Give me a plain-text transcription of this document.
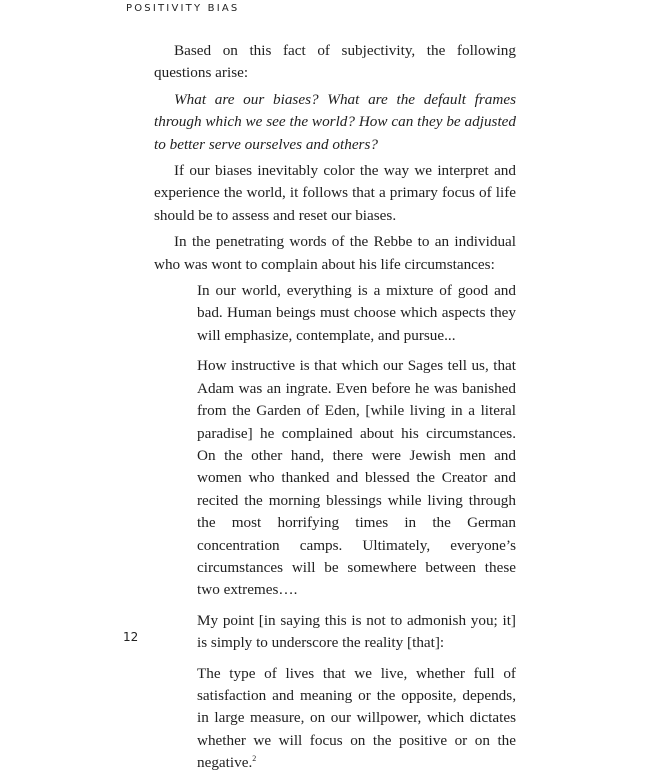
POSITIVITY BIAS

Based on this fact of subjectivity, the following questions arise:

What are our biases? What are the default frames through which we see the world? How can they be adjusted to better serve ourselves and others?

If our biases inevitably color the way we interpret and experience the world, it follows that a primary focus of life should be to assess and reset our biases.

In the penetrating words of the Rebbe to an individual who was wont to complain about his life circumstances:

In our world, everything is a mixture of good and bad. Human beings must choose which aspects they will emphasize, contemplate, and pursue...

How instructive is that which our Sages tell us, that Adam was an ingrate. Even before he was banished from the Garden of Eden, [while living in a literal paradise] he complained about his circumstances. On the other hand, there were Jewish men and women who thanked and blessed the Creator and recited the morning blessings while living through the most horrifying times in the German concentration camps. Ultimately, everyone’s circumstances will be somewhere between these two extremes….

My point [in saying this is not to admonish you; it] is simply to underscore the reality [that]:

The type of lives that we live, whether full of satisfaction and meaning or the opposite, depends, in large measure, on our willpower, which dictates whether we will focus on the positive or on the negative.$^2$

12
